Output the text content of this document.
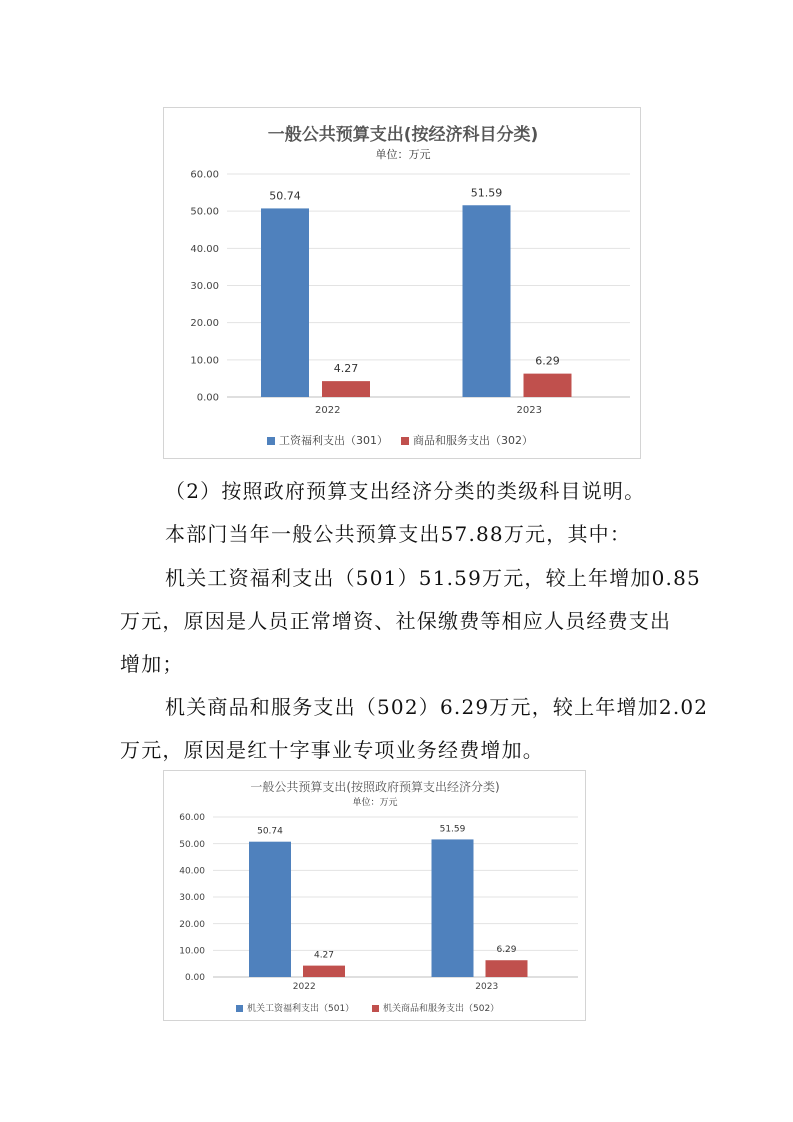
一般公共预算支出(按经济科目分类)
单位：万元
60.00
50.00
40.00
30.00
20.00
10.00
0.00
50.74
4.27
51.59
6.29
2022	2023
工资福利支出（301） 商品和服务支出（302）

（2）按照政府预算支出经济分类的类级科目说明。

本部门当年一般公共预算支出57.88万元，其中：

机关工资福利支出（501）51.59万元，较上年增加0.85

万元，原因是人员正常增资、社保缴费等相应人员经费支出

增加；

机关商品和服务支出（502）6.29万元，较上年增加2.02

万元，原因是红十字事业专项业务经费增加。

一般公共预算支出(按照政府预算支出经济分类)
单位：万元
60.00
50.00
40.00
30.00
20.00
10.00
0.00
50.74
4.27
51.59
6.29
2022	2023
机关工资福利支出（501）	机关商品和服务支出（502）
